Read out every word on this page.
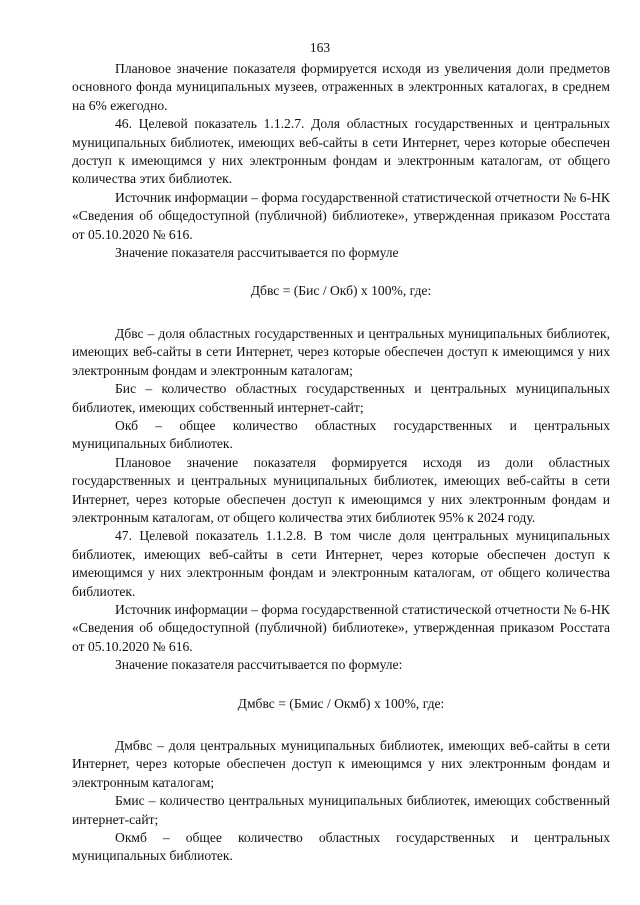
163

Плановое значение показателя формируется исходя из увеличения доли предметов основного фонда муниципальных музеев, отраженных в электронных каталогах, в среднем на 6% ежегодно.

46. Целевой показатель 1.1.2.7. Доля областных государственных и центральных муниципальных библиотек, имеющих веб-сайты в сети Интернет, через которые обеспечен доступ к имеющимся у них электронным фондам и электронным каталогам, от общего количества этих библиотек.

Источник информации – форма государственной статистической отчетности № 6-НК «Сведения об общедоступной (публичной) библиотеке», утвержденная приказом Росстата от 05.10.2020 № 616.

Значение показателя рассчитывается по формуле

Дбвс = (Бис / Окб) х 100%, где:

Дбвс – доля областных государственных и центральных муниципальных библиотек, имеющих веб-сайты в сети Интернет, через которые обеспечен доступ к имеющимся у них электронным фондам и электронным каталогам;

Бис – количество областных государственных и центральных муниципальных библиотек, имеющих собственный интернет-сайт;

Окб – общее количество областных государственных и центральных муниципальных библиотек.

Плановое значение показателя формируется исходя из доли областных государственных и центральных муниципальных библиотек, имеющих веб-сайты в сети Интернет, через которые обеспечен доступ к имеющимся у них электронным фондам и электронным каталогам, от общего количества этих библиотек 95% к 2024 году.

47. Целевой показатель 1.1.2.8. В том числе доля центральных муниципальных библиотек, имеющих веб-сайты в сети Интернет, через которые обеспечен доступ к имеющимся у них электронным фондам и электронным каталогам, от общего количества библиотек.

Источник информации – форма государственной статистической отчетности № 6-НК «Сведения об общедоступной (публичной) библиотеке», утвержденная приказом Росстата от 05.10.2020 № 616.

Значение показателя рассчитывается по формуле:

Дмбвс = (Бмис / Окмб) х 100%, где:

Дмбвс – доля центральных муниципальных библиотек, имеющих веб-сайты в сети Интернет, через которые обеспечен доступ к имеющимся у них электронным фондам и электронным каталогам;

Бмис – количество центральных муниципальных библиотек, имеющих собственный интернет-сайт;

Окмб – общее количество областных государственных и центральных муниципальных библиотек.
